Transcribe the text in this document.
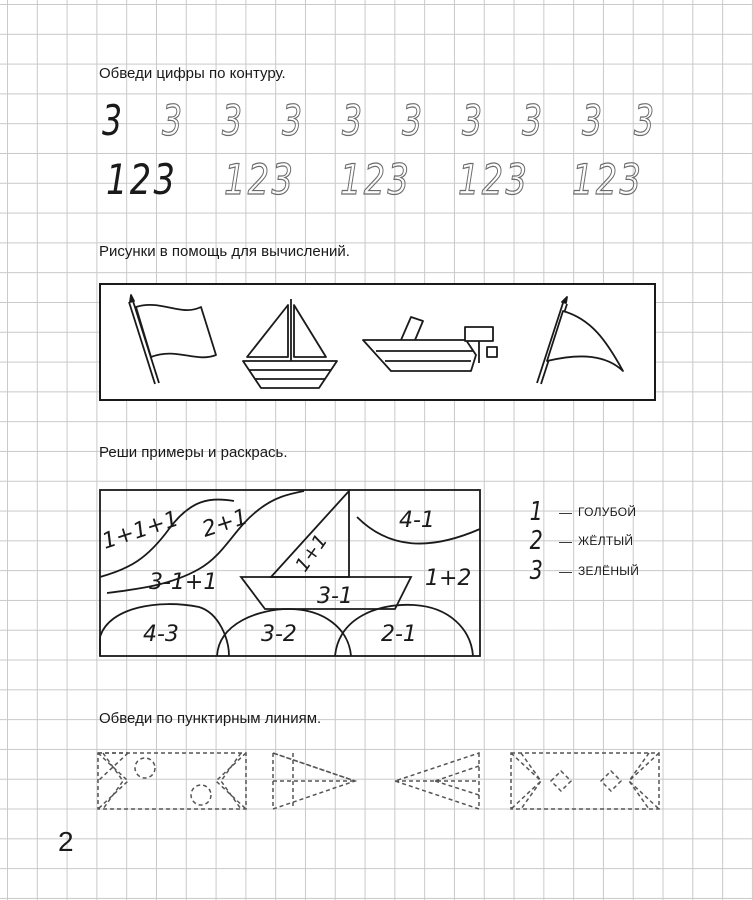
Обведи цифры по контуру.
3 3 3 3 3 3 3 3 3 3
123 123 123 123 123
Рисунки в помощь для вычислений.
Реши примеры и раскрась.
1+1+1 2+1
1+1
4-1
3-1+1	1+2
3-1
4-3	3-2	2-1
1 — ГОЛУБОЙ
2 — ЖЁЛТЫЙ
3 — ЗЕЛЁНЫЙ
Обведи по пунктирным линиям.
2
